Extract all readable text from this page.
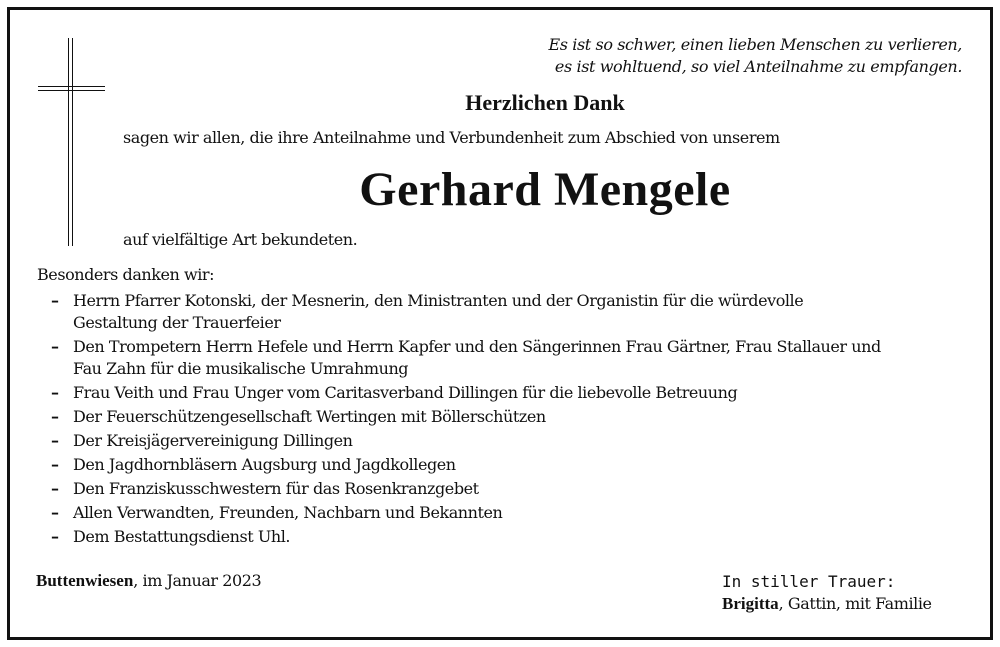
Es ist so schwer, einen lieben Menschen zu verlieren,
es ist wohltuend, so viel Anteilnahme zu empfangen.
Herzlichen Dank
sagen wir allen, die ihre Anteilnahme und Verbundenheit zum Abschied von unserem
Gerhard Mengele
auf vielfältige Art bekundeten.
Besonders danken wir:
– Herrn Pfarrer Kotonski, der Mesnerin, den Ministranten und der Organistin für die würdevolle
Gestaltung der Trauerfeier
– Den Trompetern Herrn Hefele und Herrn Kapfer und den Sängerinnen Frau Gärtner, Frau Stallauer und
Fau Zahn für die musikalische Umrahmung
– Frau Veith und Frau Unger vom Caritasverband Dillingen für die liebevolle Betreuung
– Der Feuerschützengesellschaft Wertingen mit Böllerschützen
– Der Kreisjägervereinigung Dillingen
– Den Jagdhornbläsern Augsburg und Jagdkollegen
– Den Franziskusschwestern für das Rosenkranzgebet
– Allen Verwandten, Freunden, Nachbarn und Bekannten
– Dem Bestattungsdienst Uhl.
Buttenwiesen, im Januar 2023	In stiller Trauer:
Brigitta, Gattin, mit Familie
